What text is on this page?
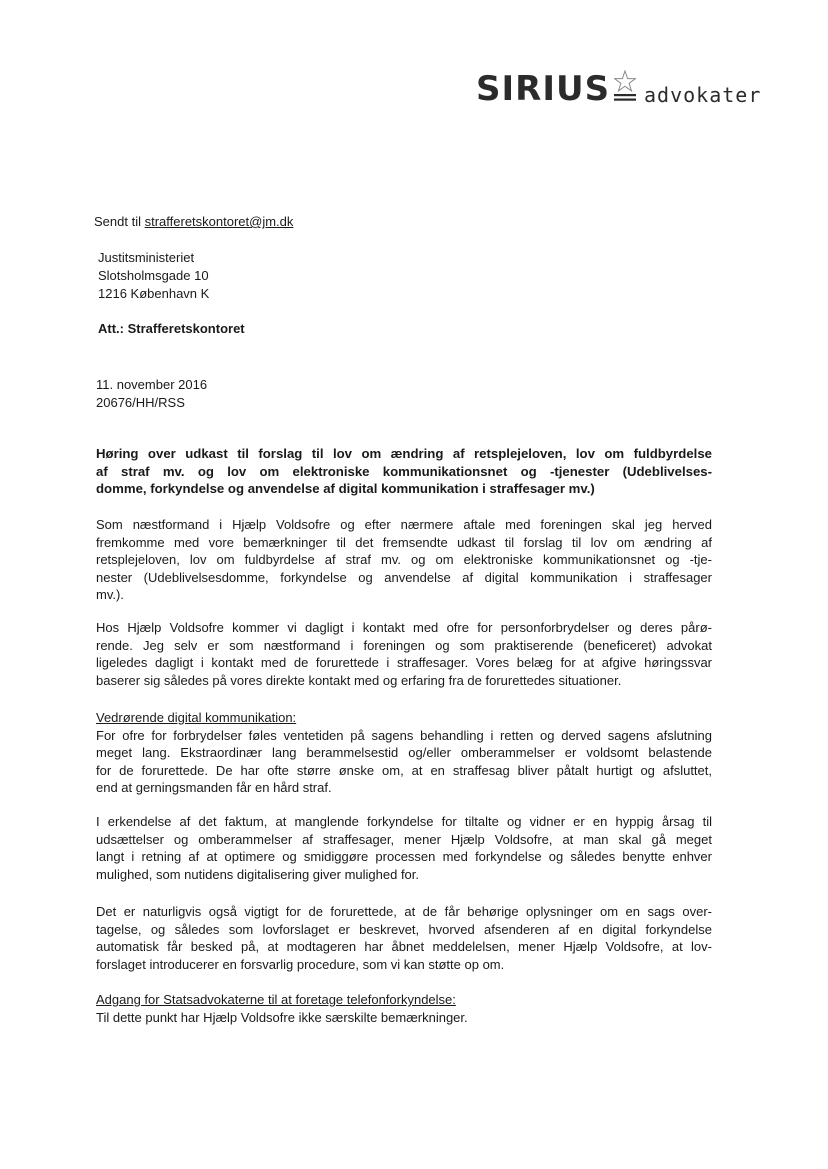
SIRIUS advokater
Sendt til strafferetskontoret@jm.dk
Justitsministeriet
Slotsholmsgade 10
1216 København K
Att.: Strafferetskontoret
11. november 2016
20676/HH/RSS
Høring over udkast til forslag til lov om ændring af retsplejeloven, lov om fuldbyrdelse
af straf mv. og lov om elektroniske kommunikationsnet og -tjenester (Udeblivelses-
domme, forkyndelse og anvendelse af digital kommunikation i straffesager mv.)
Som næstformand i Hjælp Voldsofre og efter nærmere aftale med foreningen skal jeg herved
fremkomme med vore bemærkninger til det fremsendte udkast til forslag til lov om ændring af
retsplejeloven, lov om fuldbyrdelse af straf mv. og om elektroniske kommunikationsnet og -tje-
nester (Udeblivelsesdomme, forkyndelse og anvendelse af digital kommunikation i straffesager
mv.).
Hos Hjælp Voldsofre kommer vi dagligt i kontakt med ofre for personforbrydelser og deres pårø-
rende. Jeg selv er som næstformand i foreningen og som praktiserende (beneficeret) advokat
ligeledes dagligt i kontakt med de forurettede i straffesager. Vores belæg for at afgive høringssvar
baserer sig således på vores direkte kontakt med og erfaring fra de forurettedes situationer.
Vedrørende digital kommunikation:
For ofre for forbrydelser føles ventetiden på sagens behandling i retten og derved sagens afslutning
meget lang. Ekstraordinær lang berammelsestid og/eller omberammelser er voldsomt belastende
for de forurettede. De har ofte større ønske om, at en straffesag bliver påtalt hurtigt og afsluttet,
end at gerningsmanden får en hård straf.
I erkendelse af det faktum, at manglende forkyndelse for tiltalte og vidner er en hyppig årsag til
udsættelser og omberammelser af straffesager, mener Hjælp Voldsofre, at man skal gå meget
langt i retning af at optimere og smidiggøre processen med forkyndelse og således benytte enhver
mulighed, som nutidens digitalisering giver mulighed for.
Det er naturligvis også vigtigt for de forurettede, at de får behørige oplysninger om en sags over-
tagelse, og således som lovforslaget er beskrevet, hvorved afsenderen af en digital forkyndelse
automatisk får besked på, at modtageren har åbnet meddelelsen, mener Hjælp Voldsofre, at lov-
forslaget introducerer en forsvarlig procedure, som vi kan støtte op om.
Adgang for Statsadvokaterne til at foretage telefonforkyndelse:
Til dette punkt har Hjælp Voldsofre ikke særskilte bemærkninger.
